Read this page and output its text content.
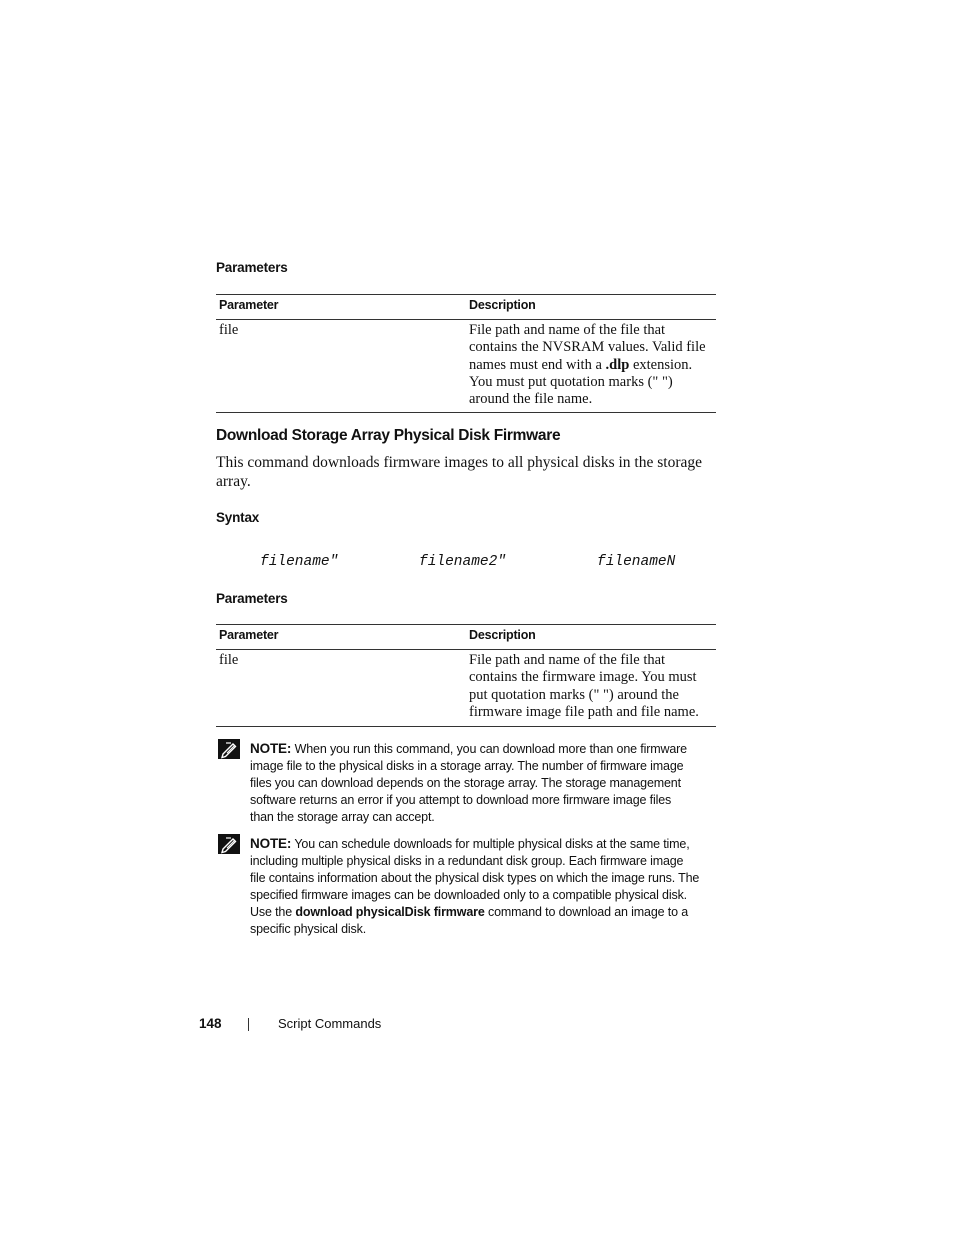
Parameters
Parameter	Description
file	File path and name of the file that
contains the NVSRAM values. Valid file
names must end with a .dlp extension.
You must put quotation marks (" ")
around the file name.
Download Storage Array Physical Disk Firmware
This command downloads firmware images to all physical disks in the storage
array.
Syntax
filename"	filename2"	filenameN
Parameters
Parameter	Description
file	File path and name of the file that
contains the firmware image. You must
put quotation marks (" ") around the
firmware image file path and file name.
NOTE: When you run this command, you can download more than one firmware
image file to the physical disks in a storage array. The number of firmware image
files you can download depends on the storage array. The storage management
software returns an error if you attempt to download more firmware image files
than the storage array can accept.
NOTE: You can schedule downloads for multiple physical disks at the same time,
including multiple physical disks in a redundant disk group. Each firmware image
file contains information about the physical disk types on which the image runs. The
specified firmware images can be downloaded only to a compatible physical disk.
Use the download physicalDisk firmware command to download an image to a
specific physical disk.
148	Script Commands
